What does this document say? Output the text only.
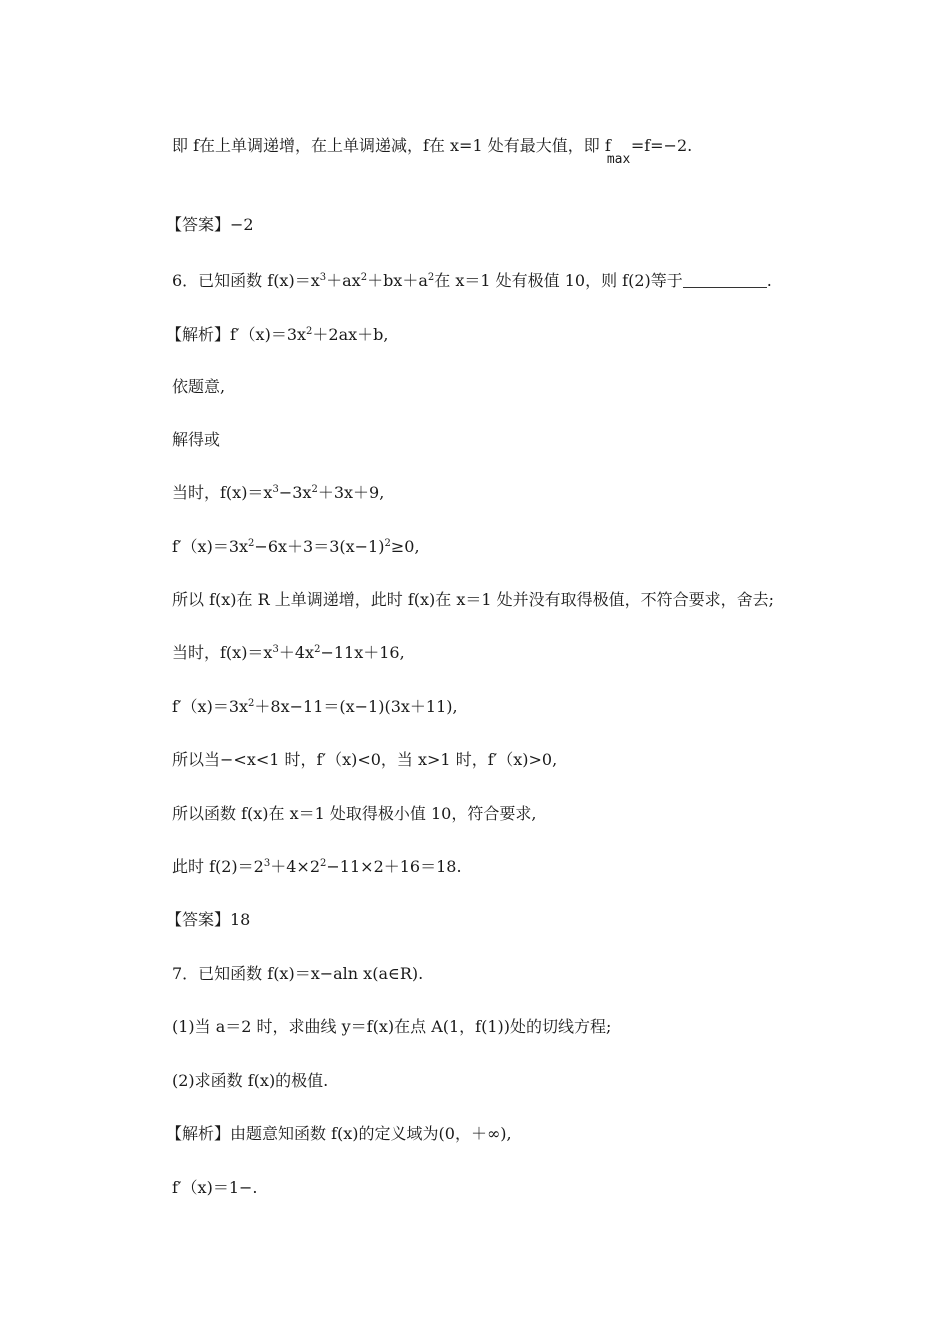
即 f在上单调递增，在上单调递减，f在 x=1 处有最大值，即 f
max
=f=−2.
【答案】−2
6．已知函数 $f(x)=x^3+ax^2+bx+a^2$在 x＝1 处有极值 10，则 f(2)等于	.
【解析】$f'(x)=3x^2+2ax+b$,
依题意,
解得或
当时，$f(x)=x^3-3x^2+3x+9$,
$f'(x)=3x^2-6x+3=3(x-1)^2\ge 0$,
所以 f(x)在 R 上单调递增，此时 f(x)在 x＝1 处并没有取得极值，不符合要求，舍去;
当时，$f(x)=x^3+4x^2-11x+16$,
$f'(x)=3x^2+8x-11=(x-1)(3x+11)$,
所以当−<x<1 时，f′（x)<0，当 x>1 时，f′（x)>0,
所以函数 f(x)在 x＝1 处取得极小值 10，符合要求,
此时 $f(2)=2^3+4\times 2^2-11\times 2+16=18$.
【答案】18
7．已知函数 f(x)＝x−aln x(a∈R).
(1)当 a＝2 时，求曲线 y＝f(x)在点 A(1，f(1))处的切线方程;
(2)求函数 f(x)的极值.
【解析】由题意知函数 f(x)的定义域为(0，＋∞),
f′（x)＝1−.
